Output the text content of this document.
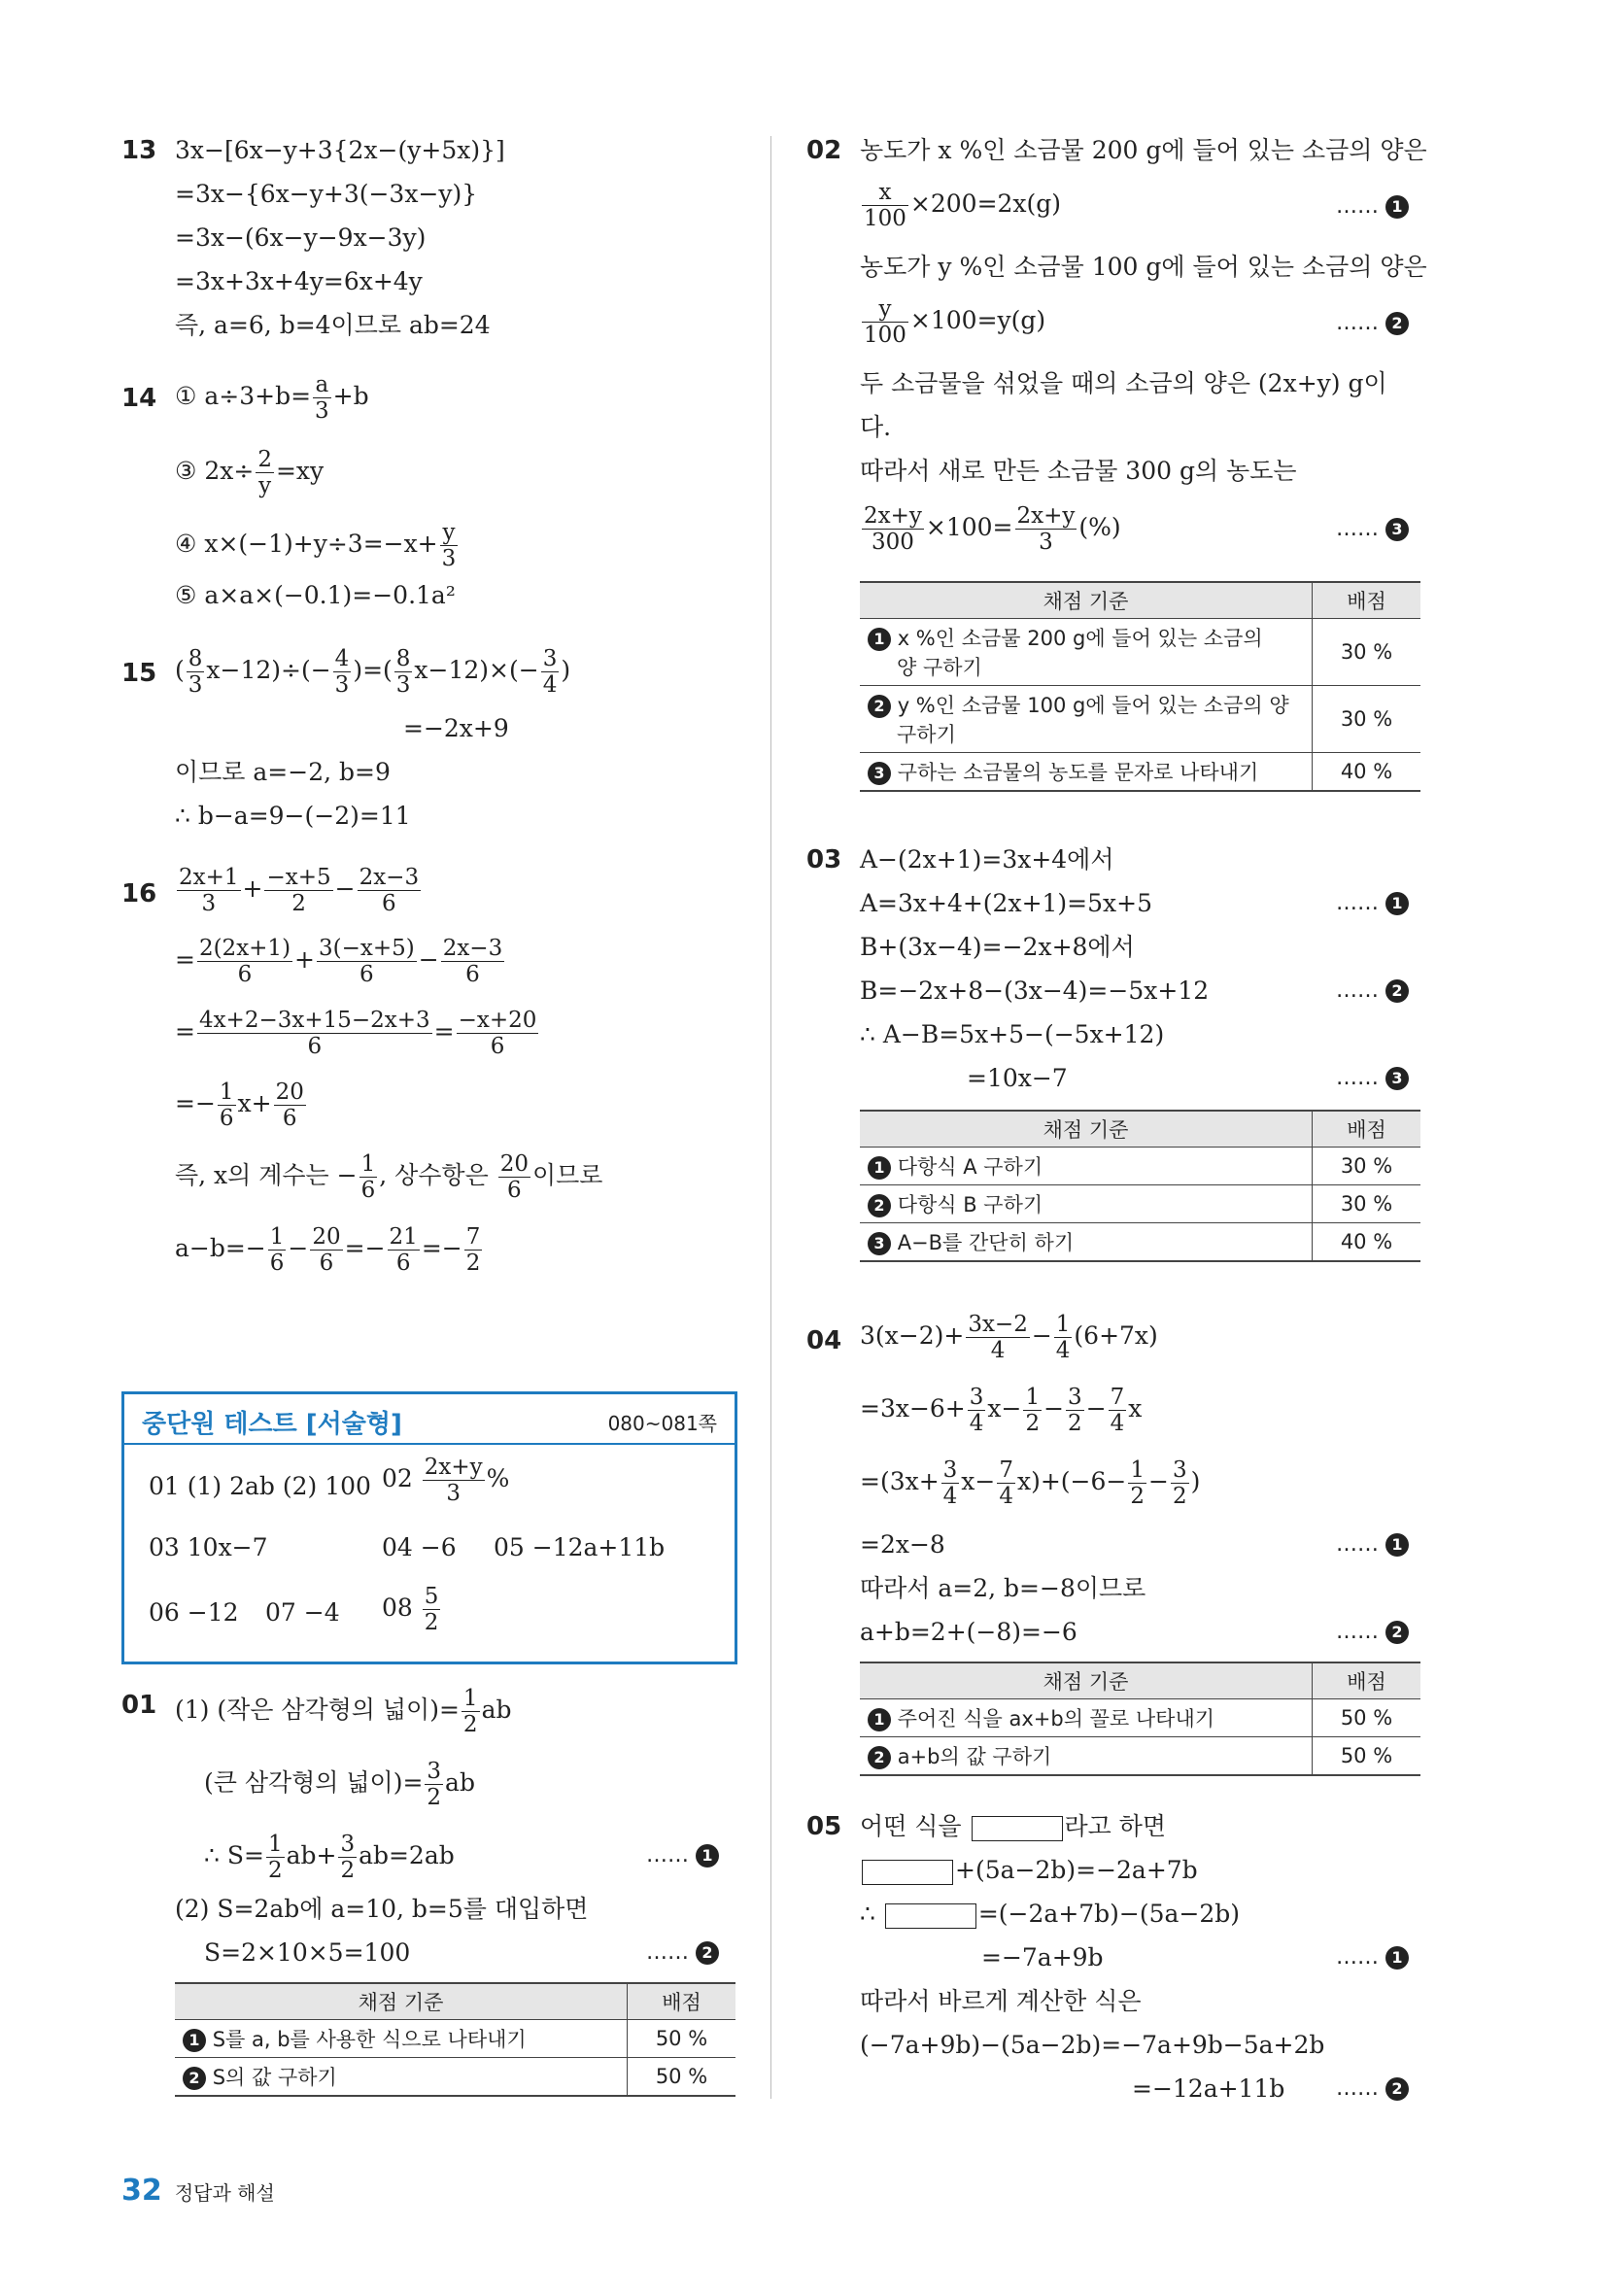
13 3x−[6x−y+3{2x−(y+5x)}]
=3x−{6x−y+3(−3x−y)}
=3x−(6x−y−9x−3y)
=3x+3x+4y=6x+4y
즉, a=6, b=4이므로 ab=24
14 ① $a\div 3+b= \frac{a}{3} +b$
③ $2x\div \frac{2}{y} =xy$
④ $x\times(-1)+y\div 3=-x+ \frac{y}{3}$
⑤ a×a×(−0.1)=−0.1a²
15 ( $\frac{8}{3} x-12)\div(- \frac{4}{3}$ )=( $\frac{8}{3} x-12)\times(- \frac{3}{4}$ )
=−2x+9
이므로 a=−2, b=9
∴ b−a=9−(−2)=11
$16 \frac{2x+1}{3} + \frac{-x+5}{2} - \frac{2x-3}{6}$
= $\frac{2(2x+1)}{6} + \frac{3(-x+5)}{6} - \frac{2x-3}{6}$
= $\frac{4x+2-3x+15-2x+3}{6} = \frac{-x+20}{6}$
=− $\frac{1}{6} x+ \frac{20}{6}$
즉, x의 계수는 − $\frac{1}{6}$ , 상수항은 $\frac{20}{6}$ 이므로
$a-b=- \frac{1}{6} - \frac{20}{6} =- \frac{21}{6} =- \frac{7}{2}$
중단원 테스트 [서술형]	080~081쪽
01 (1) 2ab (2) 100 $02 \frac{2x+y}{3}$ %
03 10x−7	04 −6 05 −12a+11b
06 −12 07 −4 $08 \frac{5}{2}$
01 (1) (작은 삼각형의 넓이)= $\frac{1}{2}$ ab
(큰 삼각형의 넓이)= $\frac{3}{2}$ ab
∴ $S= \frac{1}{2} ab+ \frac{3}{2} ab=2ab$	…… 1
(2) S=2ab에 a=10, b=5를 대입하면
S=2×10×5=100	…… 2
채점 기준	배점
1 S를 a, b를 사용한 식으로 나타내기	50 %
2 S의 값 구하기	50 %
02 농도가 x %인 소금물 200 g에 들어 있는 소금의 양은
$\frac{x}{100} \times 200=2x(g)$	…… 1
농도가 y %인 소금물 100 g에 들어 있는 소금의 양은
$\frac{y}{100} \times 100=y(g)$	…… 2
두 소금물을 섞었을 때의 소금의 양은 (2x+y) g이
다.
따라서 새로 만든 소금물 300 g의 농도는
$\frac{2x+y}{300} \times 100= \frac{2x+y}{3}$ (%)	…… 3
채점 기준	배점
1 x %인 소금물 200 g에 들어 있는 소금의
양 구하기	30 %
2 y %인 소금물 100 g에 들어 있는 소금의 양
구하기	30 %
3 구하는 소금물의 농도를 문자로 나타내기	40 %
03 A−(2x+1)=3x+4에서
A=3x+4+(2x+1)=5x+5	…… 1
B+(3x−4)=−2x+8에서
B=−2x+8−(3x−4)=−5x+12	…… 2
∴ A−B=5x+5−(−5x+12)
=10x−7	…… 3
채점 기준	배점
1 다항식 A 구하기	30 %
2 다항식 B 구하기	30 %
3 A−B를 간단히 하기	40 %
04 $3(x-2)+ \frac{3x-2}{4} - \frac{1}{4} (6+7x)$
$=3x-6+ \frac{3}{4} x- \frac{1}{2} - \frac{3}{2} - \frac{7}{4}$ x
$=(3x+ \frac{3}{4} x- \frac{7}{4} x)+(-6- \frac{1}{2} - \frac{3}{2}$ )
=2x−8	…… 1
따라서 a=2, b=−8이므로
a+b=2+(−8)=−6	…… 2
채점 기준	배점
1 주어진 식을 ax+b의 꼴로 나타내기	50 %
2 a+b의 값 구하기	50 %
05 어떤 식을	라고 하면
+(5a−2b)=−2a+7b
∴	=(−2a+7b)−(5a−2b)
=−7a+9b	…… 1
따라서 바르게 계산한 식은
(−7a+9b)−(5a−2b)=−7a+9b−5a+2b
=−12a+11b …… 2
32 정답과 해설
